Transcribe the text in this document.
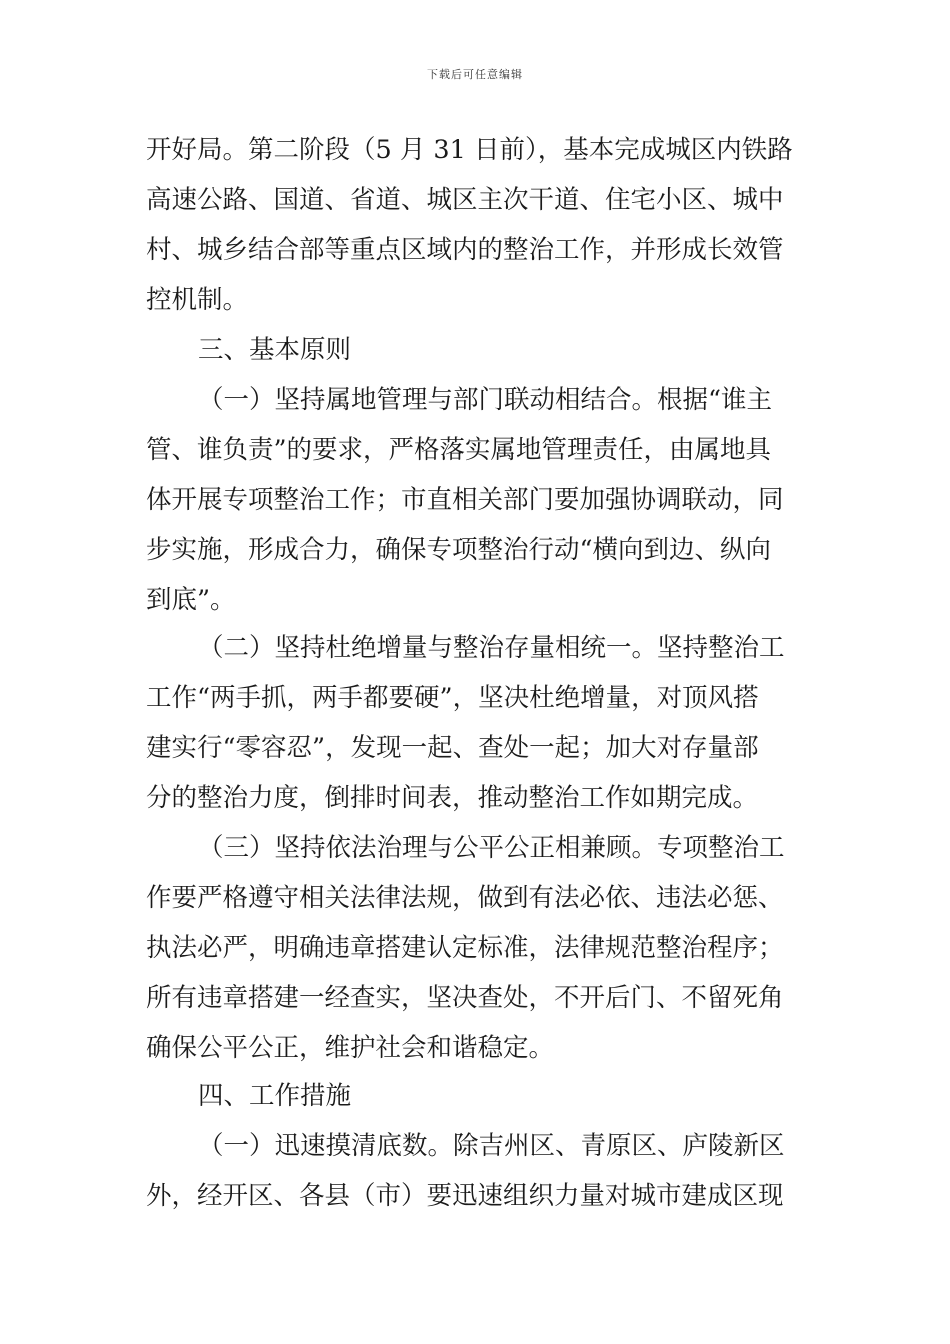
下载后可任意编辑
开好局。第二阶段（5 月 31 日前），基本完成城区内铁路
高速公路、国道、省道、城区主次干道、住宅小区、城中
村、城乡结合部等重点区域内的整治工作，并形成长效管
控机制。
三、基本原则
（一）坚持属地管理与部门联动相结合。根据“谁主
管、谁负责”的要求，严格落实属地管理责任，由属地具
体开展专项整治工作；市直相关部门要加强协调联动，同
步实施，形成合力，确保专项整治行动“横向到边、纵向
到底”。
（二）坚持杜绝增量与整治存量相统一。坚持整治工
工作“两手抓，两手都要硬”，坚决杜绝增量，对顶风搭
建实行“零容忍”，发现一起、查处一起；加大对存量部
分的整治力度，倒排时间表，推动整治工作如期完成。
（三）坚持依法治理与公平公正相兼顾。专项整治工
作要严格遵守相关法律法规，做到有法必依、违法必惩、
执法必严，明确违章搭建认定标准，法律规范整治程序；
所有违章搭建一经查实，坚决查处，不开后门、不留死角
确保公平公正，维护社会和谐稳定。
四、工作措施
（一）迅速摸清底数。除吉州区、青原区、庐陵新区
外，经开区、各县（市）要迅速组织力量对城市建成区现
